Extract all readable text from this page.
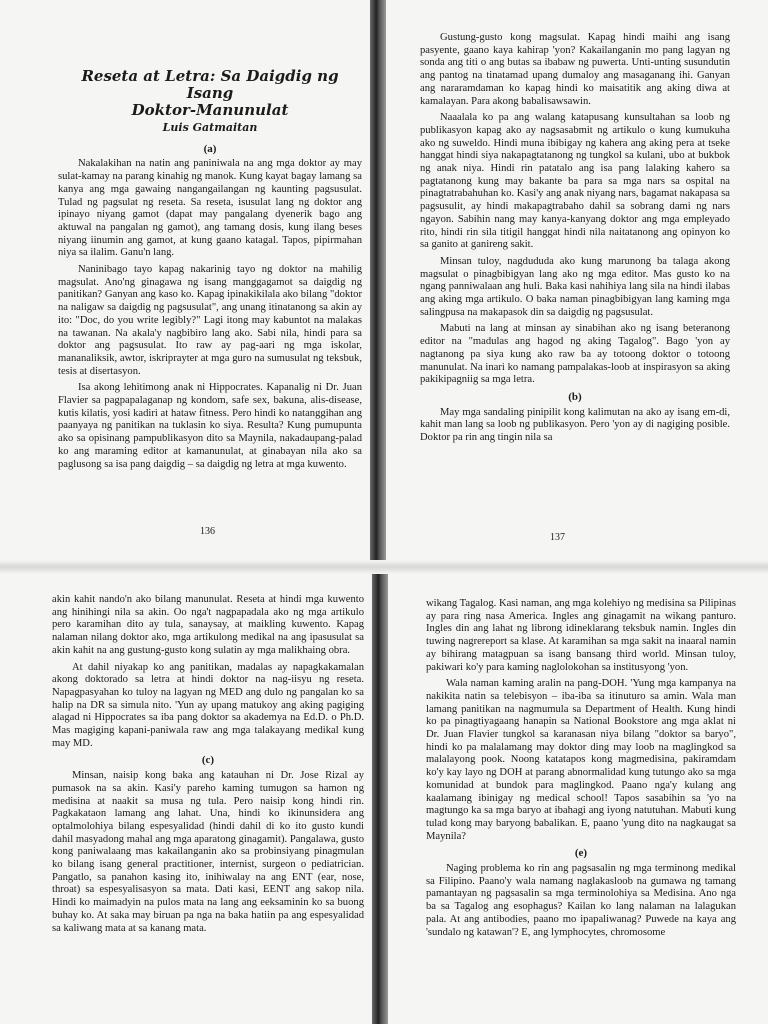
Reseta at Letra: Sa Daigdig ng Isang
Doktor-Manunulat
Luis Gatmaitan
(a)

Nakalakihan na natin ang paniniwala na ang mga doktor ay may sulat-kamay na parang kinahig ng manok. Kung kayat bagay lamang sa kanya ang mga gawaing nangangailangan ng kaunting pagsusulat. Tulad ng pagsulat ng reseta. Sa reseta, isusulat lang ng doktor ang ipinayo niyang gamot (dapat may pangalang dyenerik bago ang aktuwal na pangalan ng gamot), ang tamang dosis, kung ilang beses niyang iinumin ang gamot, at kung gaano katagal. Tapos, pipirmahan niya sa ilalim. Ganu'n lang.

Naninibago tayo kapag nakarinig tayo ng doktor na mahilig magsulat. Ano'ng ginagawa ng isang manggagamot sa daigdig ng panitikan? Ganyan ang kaso ko. Kapag ipinakikilala ako bilang "doktor na naligaw sa daigdig ng pagsusulat", ang unang itinatanong sa akin ay ito: "Doc, do you write legibly?" Lagi itong may kabuntot na malakas na tawanan. Na akala'y nagbibiro lang ako. Sabi nila, hindi para sa doktor ang pagsusulat. Ito raw ay pag-aari ng mga iskolar, mananaliksik, awtor, iskriprayter at mga guro na sumusulat ng teksbuk, tesis at disertasyon.

Isa akong lehitimong anak ni Hippocrates. Kapanalig ni Dr. Juan Flavier sa pagpapalaganap ng kondom, safe sex, bakuna, alis-disease, kutis kilatis, yosi kadiri at hataw fitness. Pero hindi ko natanggihan ang paanyaya ng panitikan na tuklasin ko siya. Resulta? Kung pumupunta ako sa opisinang pampublikasyon dito sa Maynila, nakadaupang-palad ko ang maraming editor at kamanunulat, at ginabayan nila ako sa paglusong sa isa pang daigdig – sa daigdig ng letra at mga kuwento.

136

Gustung-gusto kong magsulat. Kapag hindi maihi ang isang pasyente, gaano kaya kahirap 'yon? Kakailanganin mo pang lagyan ng sonda ang titi o ang butas sa ibabaw ng puwerta. Unti-unting susundutin ang pantog na tinatamad upang dumaloy ang masaganang ihi. Ganyan ang nararamdaman ko kapag hindi ko maisatitik ang aking diwa at kamalayan. Para akong babalisawsawin.

Naaalala ko pa ang walang katapusang kunsultahan sa loob ng publikasyon kapag ako ay nagsasabmit ng artikulo o kung kumukuha ako ng suweldo. Hindi muna ibibigay ng kahera ang aking pera at tseke hanggat hindi siya nakapagtatanong ng tungkol sa kulani, ubo at bukbok ng anak niya. Hindi rin patatalo ang isa pang lalaking kahero sa pagtatanong kung may bakante ba para sa mga nars sa ospital na pinagtatrabahuhan ko. Kasi'y ang anak niyang nars, bagamat nakapasa sa pagsusulit, ay hindi makapagtrabaho dahil sa sobrang dami ng nars ngayon. Sabihin nang may kanya-kanyang doktor ang mga empleyado rito, hindi rin sila titigil hanggat hindi nila naitatanong ang opinyon ko sa ganito at ganireng sakit.

Minsan tuloy, nagdududa ako kung marunong ba talaga akong magsulat o pinagbibigyan lang ako ng mga editor. Mas gusto ko na ngang panniwalaan ang huli. Baka kasi nahihiya lang sila na hindi ilabas ang aking mga artikulo. O baka naman pinagbibigyan lang kaming mga salingpusa na makapasok din sa daigdig ng pagsusulat.

Mabuti na lang at minsan ay sinabihan ako ng isang beteranong editor na "madulas ang hagod ng aking Tagalog". Bago 'yon ay nagtanong pa siya kung ako raw ba ay totoong doktor o totoong manunulat. Na inari ko namang pampalakas-loob at inspirasyon sa aking pakikipagniig sa mga letra.

(b)

May mga sandaling pinipilit kong kalimutan na ako ay isang em-di, kahit man lang sa loob ng publikasyon. Pero 'yon ay di nagiging posible. Doktor pa rin ang tingin nila sa

137

akin kahit nando'n ako bilang manunulat. Reseta at hindi mga kuwento ang hinihingi nila sa akin. Oo nga't nagpapadala ako ng mga artikulo pero karamihan dito ay tula, sanaysay, at maikling kuwento. Kapag nalaman nilang doktor ako, mga artikulong medikal na ang ipasusulat sa akin kahit na ang gustung-gusto kong sulatin ay mga malikhaing obra.

At dahil niyakap ko ang panitikan, madalas ay napagkakamalan akong doktorado sa letra at hindi doktor na nag-iisyu ng reseta. Napagpasyahan ko tuloy na lagyan ng MED ang dulo ng pangalan ko sa halip na DR sa simula nito. 'Yun ay upang matukoy ang aking pagiging alagad ni Hippocrates sa iba pang doktor sa akademya na Ed.D. o Ph.D. Mas magiging kapani-paniwala raw ang mga talakayang medikal kung may MD.

(c)

Minsan, naisip kong baka ang katauhan ni Dr. Jose Rizal ay pumasok na sa akin. Kasi'y pareho kaming tumugon sa hamon ng medisina at naakit sa musa ng tula. Pero naisip kong hindi rin. Pagkakataon lamang ang lahat. Una, hindi ko ikinunsidera ang optalmolohiya bilang espesyalidad (hindi dahil di ko ito gusto kundi dahil masyadong mahal ang mga aparatong ginagamit). Pangalawa, gusto kong paniwalaang mas kakailanganin ako sa probinsiyang pinagmulan ko bilang isang general practitioner, internist, surgeon o pediatrician. Pangatlo, sa panahon kasing ito, inihiwalay na ang ENT (ear, nose, throat) sa espesyalisasyon sa mata. Dati kasi, EENT ang sakop nila. Hindi ko maimadyin na pulos mata na lang ang eeksaminin ko sa buong buhay ko. At saka may biruan pa nga na baka hatiin pa ang espesyalidad sa kaliwang mata at sa kanang mata.

wikang Tagalog. Kasi naman, ang mga kolehiyo ng medisina sa Pilipinas ay para ring nasa America. Ingles ang ginagamit na wikang panturo. Ingles din ang lahat ng librong idineklarang teksbuk namin. Ingles din tuwing nagrereport sa klase. At karamihan sa mga sakit na inaaral namin ay bihirang matagpuan sa isang bansang third world. Minsan tuloy, pakiwari ko'y para kaming naglolokohan sa institusyong 'yon.

Wala naman kaming aralin na pang-DOH. 'Yung mga kampanya na nakikita natin sa telebisyon – iba-iba sa itinuturo sa amin. Wala man lamang panitikan na nagmumula sa Department of Health. Kung hindi ko pa pinagtiyagaang hanapin sa National Bookstore ang mga aklat ni Dr. Juan Flavier tungkol sa karanasan niya bilang "doktor sa baryo", hindi ko pa malalamang may doktor ding may loob na maglingkod sa malalayong pook. Noong katatapos kong magmedisina, pakiramdam ko'y kay layo ng DOH at parang abnormalidad kung tutungo ako sa mga komunidad at bundok para maglingkod. Paano nga'y kulang ang kaalamang ibinigay ng medical school! Tapos sasabihin sa 'yo na magtungo ka sa mga baryo at ibahagi ang iyong natutuhan. Mabuti kung tulad kong may baryong babalikan. E, paano 'yung dito na nagkaugat sa Maynila?

(e)

Naging problema ko rin ang pagsasalin ng mga terminong medikal sa Filipino. Paano'y wala namang naglakasloob na gumawa ng tamang pamantayan ng pagsasalin sa mga terminolohiya sa Medisina. Ano nga ba sa Tagalog ang esophagus? Kailan ko lang nalaman na lalagukan pala. At ang antibodies, paano mo ipapaliwanag? Puwede na kaya ang 'sundalo ng katawan'? E, ang lymphocytes, chromosome
